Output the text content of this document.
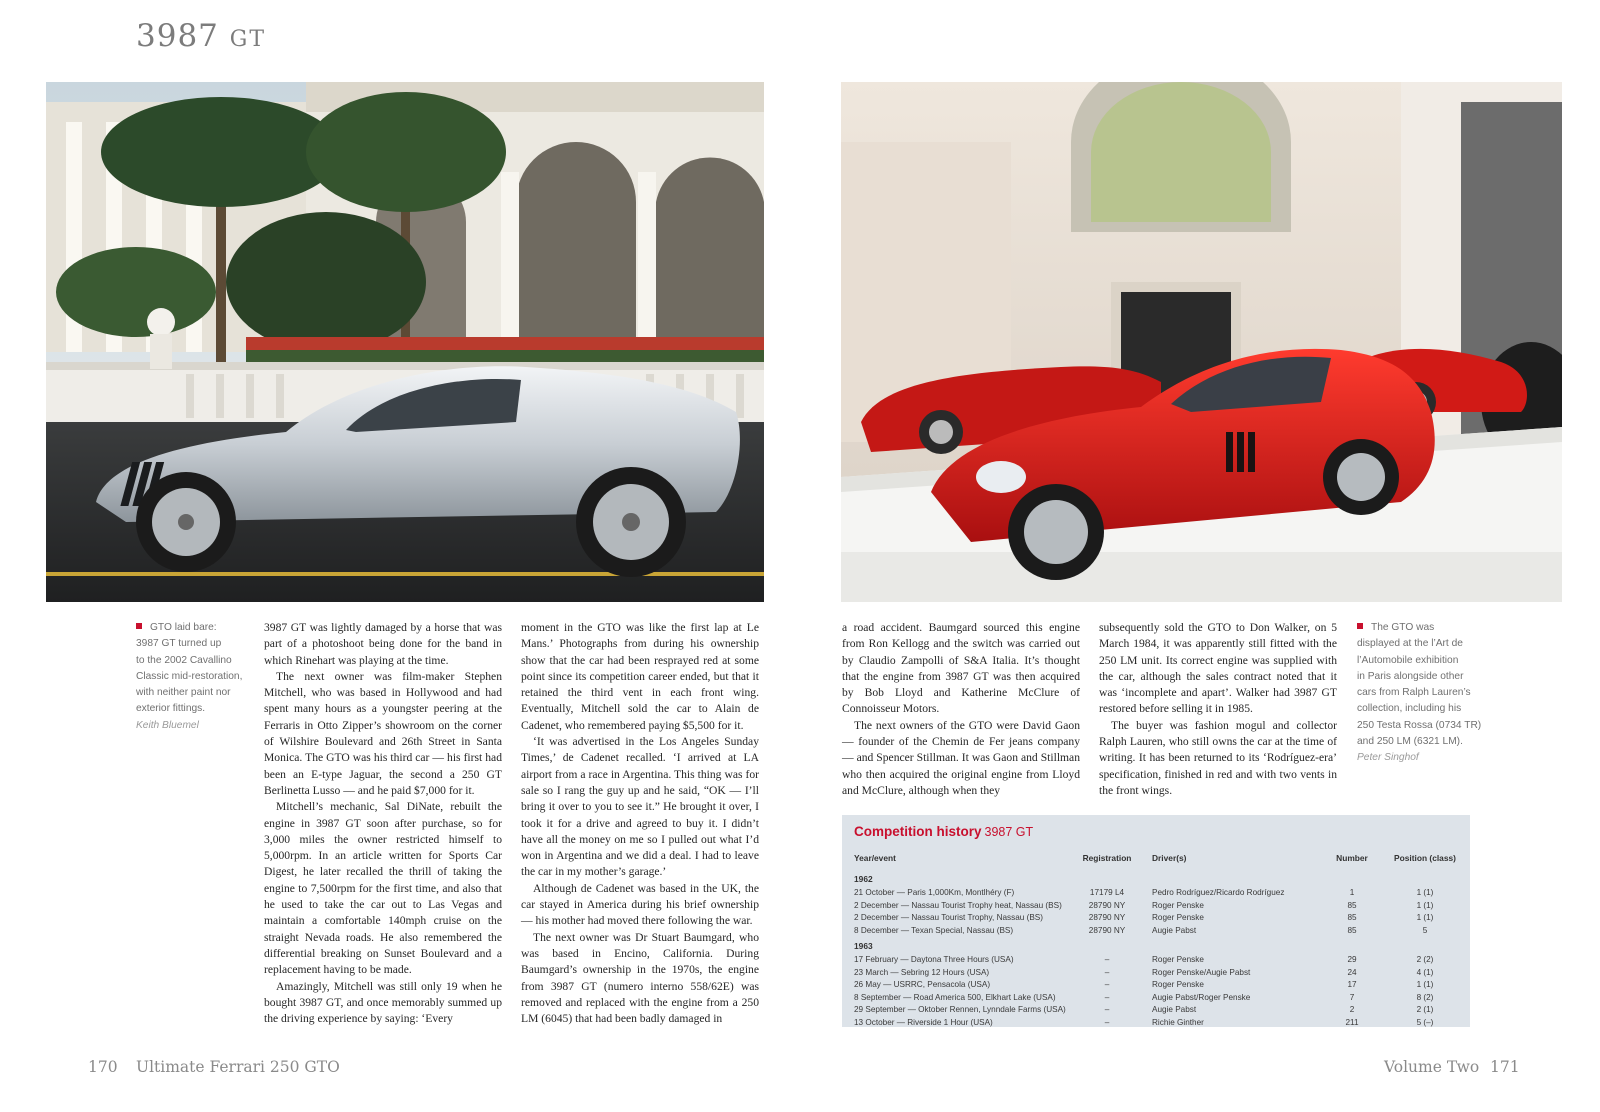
3987 GT
GTO laid bare:
3987 GT turned up
to the 2002 Cavallino
Classic mid-restoration,
with neither paint nor
exterior fittings.
Keith Bluemel

3987 GT was lightly damaged by a horse that was part of a photoshoot being done for the band in which Rinehart was playing at the time.

The next owner was film-maker Stephen Mitchell, who was based in Hollywood and had spent many hours as a youngster peering at the Ferraris in Otto Zipper’s showroom on the corner of Wilshire Boulevard and 26th Street in Santa Monica. The GTO was his third car — his first had been an E-type Jaguar, the second a 250 GT Berlinetta Lusso — and he paid $7,000 for it.

Mitchell’s mechanic, Sal DiNate, rebuilt the engine in 3987 GT soon after purchase, so for 3,000 miles the owner restricted himself to 5,000rpm. In an article written for Sports Car Digest, he later recalled the thrill of taking the engine to 7,500rpm for the first time, and also that he used to take the car out to Las Vegas and maintain a comfortable 140mph cruise on the straight Nevada roads. He also remembered the differential breaking on Sunset Boulevard and a replacement having to be made.

Amazingly, Mitchell was still only 19 when he bought 3987 GT, and once memorably summed up the driving experience by saying: ‘Every

moment in the GTO was like the first lap at Le Mans.’ Photographs from during his ownership show that the car had been resprayed red at some point since its competition career ended, but that it retained the third vent in each front wing. Eventually, Mitchell sold the car to Alain de Cadenet, who remembered paying $5,500 for it.

‘It was advertised in the Los Angeles Sunday Times,’ de Cadenet recalled. ‘I arrived at LA airport from a race in Argentina. This thing was for sale so I rang the guy up and he said, “OK — I’ll bring it over to you to see it.” He brought it over, I took it for a drive and agreed to buy it. I didn’t have all the money on me so I pulled out what I’d won in Argentina and we did a deal. I had to leave the car in my mother’s garage.’

Although de Cadenet was based in the UK, the car stayed in America during his brief ownership — his mother had moved there following the war.

The next owner was Dr Stuart Baumgard, who was based in Encino, California. During Baumgard’s ownership in the 1970s, the engine from 3987 GT (numero interno 558/62E) was removed and replaced with the engine from a 250 LM (6045) that had been badly damaged in

a road accident. Baumgard sourced this engine from Ron Kellogg and the switch was carried out by Claudio Zampolli of S&A Italia. It’s thought that the engine from 3987 GT was then acquired by Bob Lloyd and Katherine McClure of Connoisseur Motors.

The next owners of the GTO were David Gaon — founder of the Chemin de Fer jeans company — and Spencer Stillman. It was Gaon and Stillman who then acquired the original engine from Lloyd and McClure, although when they

subsequently sold the GTO to Don Walker, on 5 March 1984, it was apparently still fitted with the 250 LM unit. Its correct engine was supplied with the car, although the sales contract noted that it was ‘incomplete and apart’. Walker had 3987 GT restored before selling it in 1985.

The buyer was fashion mogul and collector Ralph Lauren, who still owns the car at the time of writing. It has been returned to its ‘Rodríguez-era’ specification, finished in red and with two vents in the front wings.

The GTO was
displayed at the l’Art de
l’Automobile exhibition
in Paris alongside other
cars from Ralph Lauren’s
collection, including his
250 Testa Rossa (0734 TR)
and 250 LM (6321 LM).
Peter Singhof
Competition history 3987 GT
Year/event	Registration	Driver(s)	Number	Position (class)
1962
21 October — Paris 1,000Km, Montlhéry (F)	17179 L4	Pedro Rodríguez/Ricardo Rodríguez	1	1 (1)
2 December — Nassau Tourist Trophy heat, Nassau (BS)	28790 NY	Roger Penske	85	1 (1)
2 December — Nassau Tourist Trophy, Nassau (BS)	28790 NY	Roger Penske	85	1 (1)
8 December — Texan Special, Nassau (BS)	28790 NY	Augie Pabst	85	5
1963
17 February — Daytona Three Hours (USA)	–	Roger Penske	29	2 (2)
23 March — Sebring 12 Hours (USA)	–	Roger Penske/Augie Pabst	24	4 (1)
26 May — USRRC, Pensacola (USA)	–	Roger Penske	17	1 (1)
8 September — Road America 500, Elkhart Lake (USA)	–	Augie Pabst/Roger Penske	7	8 (2)
29 September — Oktober Rennen, Lynndale Farms (USA)	–	Augie Pabst	2	2 (1)
13 October — Riverside 1 Hour (USA)	–	Richie Ginther	211	5 (–)
170 Ultimate Ferrari 250 GTO	Volume Two 171
